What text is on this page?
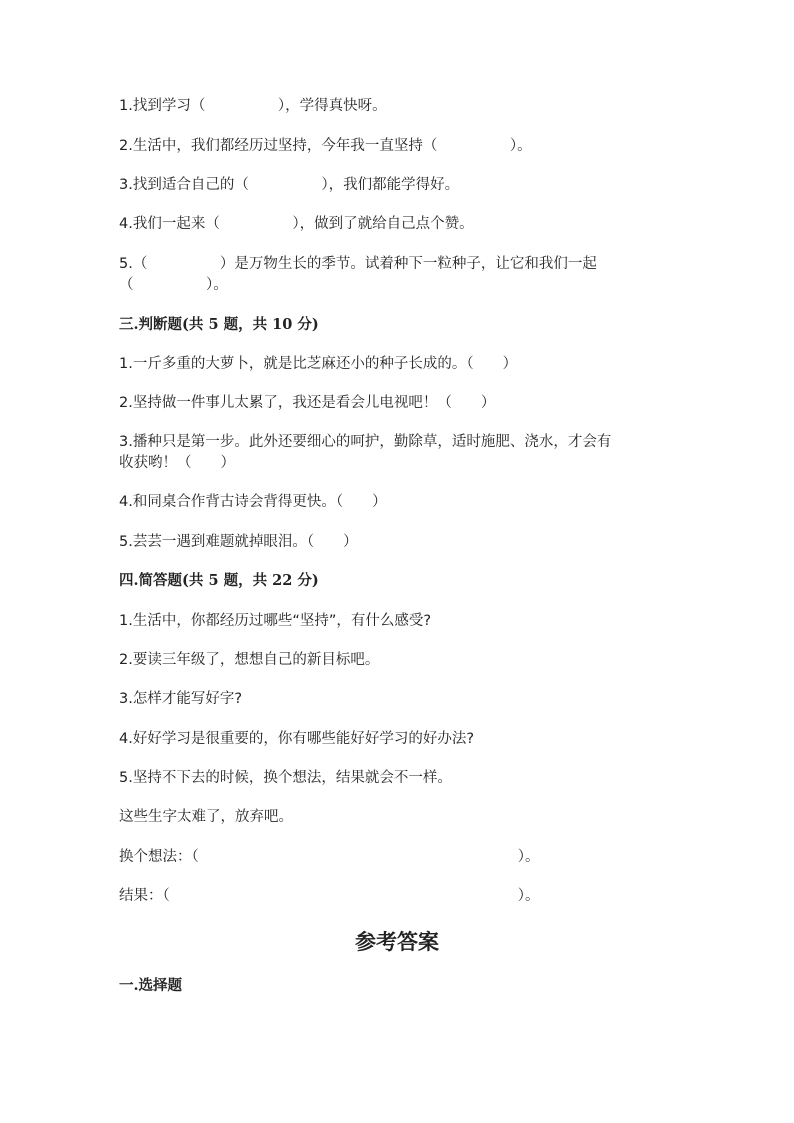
1.找到学习（　　　　　），学得真快呀。
2.生活中，我们都经历过坚持，今年我一直坚持（　　　　　）。
3.找到适合自己的（　　　　　），我们都能学得好。
4.我们一起来（　　　　　），做到了就给自己点个赞。
5.（　　　　　）是万物生长的季节。试着种下一粒种子，让它和我们一起
（　　　　　）。
三.判断题(共 5 题，共 10 分)
1.一斤多重的大萝卜，就是比芝麻还小的种子长成的。（　　）
2.坚持做一件事儿太累了，我还是看会儿电视吧！（　　）
3.播种只是第一步。此外还要细心的呵护，勤除草，适时施肥、浇水，才会有
收获哟！（　　）
4.和同桌合作背古诗会背得更快。（　　）
5.芸芸一遇到难题就掉眼泪。（　　）
四.简答题(共 5 题，共 22 分)
1.生活中，你都经历过哪些“坚持”，有什么感受?
2.要读三年级了，想想自己的新目标吧。
3.怎样才能写好字?
4.好好学习是很重要的，你有哪些能好好学习的好办法?
5.坚持不下去的时候，换个想法，结果就会不一样。
这些生字太难了，放弃吧。
换个想法：（　　　　　　　　　　　　　　　　　　　　　　）。
结果：（　　　　　　　　　　　　　　　　　　　　　　　　）。
参考答案
一.选择题
